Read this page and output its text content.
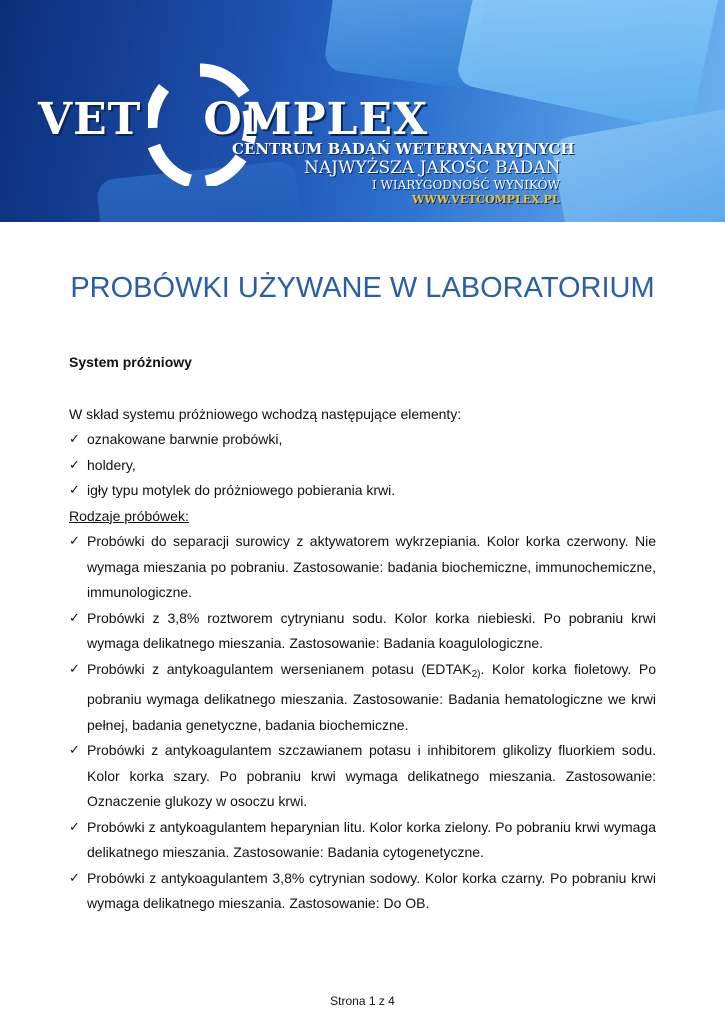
VET OMPLEX
CENTRUM BADAŃ WETERYNARYJNYCH
NAJWYŻSZA JAKOŚC BADAN
I WIARYGODNOŚĆ WYNIKÓW
WWW.VETCOMPLEX.PL
PROBÓWKI UŻYWANE W LABORATORIUM

System próżniowy

W skład systemu próżniowego wchodzą następujące elementy:

✓ oznakowane barwnie probówki,
✓ holdery,
✓ igły typu motylek do próżniowego pobierania krwi.

Rodzaje próbówek:

✓ Probówki do separacji surowicy z aktywatorem wykrzepiania. Kolor korka czerwony. Nie wymaga mieszania po pobraniu. Zastosowanie: badania biochemiczne, immunochemiczne, immunologiczne.
✓ Probówki z 3,8% roztworem cytrynianu sodu. Kolor korka niebieski. Po pobraniu krwi wymaga delikatnego mieszania. Zastosowanie: Badania koagulologiczne.
✓ Probówki z antykoagulantem wersenianem potasu ($EDTAK_{2)}$. Kolor korka fioletowy. Po pobraniu wymaga delikatnego mieszania. Zastosowanie: Badania hematologiczne we krwi pełnej, badania genetyczne, badania biochemiczne.
✓ Probówki z antykoagulantem szczawianem potasu i inhibitorem glikolizy fluorkiem sodu. Kolor korka szary. Po pobraniu krwi wymaga delikatnego mieszania. Zastosowanie: Oznaczenie glukozy w osoczu krwi.
✓ Probówki z antykoagulantem heparynian litu. Kolor korka zielony. Po pobraniu krwi wymaga delikatnego mieszania. Zastosowanie: Badania cytogenetyczne.
✓ Probówki z antykoagulantem 3,8% cytrynian sodowy. Kolor korka czarny. Po pobraniu krwi wymaga delikatnego mieszania. Zastosowanie: Do OB.
Strona 1 z 4
